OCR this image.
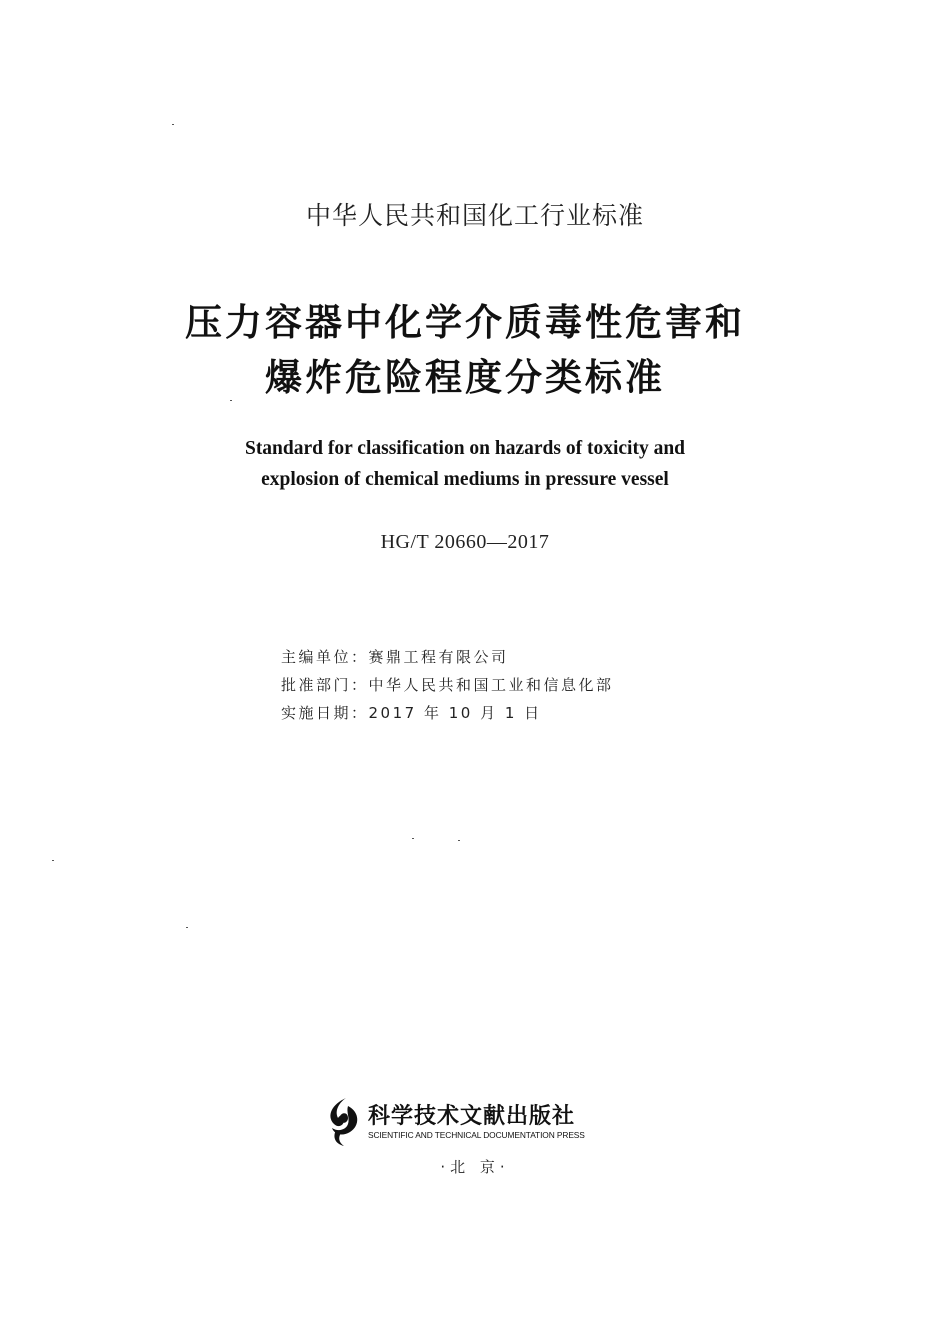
中华人民共和国化工行业标准
压力容器中化学介质毒性危害和
爆炸危险程度分类标准
Standard for classification on hazards of toxicity and
explosion of chemical mediums in pressure vessel
HG/T 20660—2017
主编单位：赛鼎工程有限公司
批准部门：中华人民共和国工业和信息化部
实施日期：2017 年 10 月 1 日
科学技术文献出版社
SCIENTIFIC AND TECHNICAL DOCUMENTATION PRESS
·北 京·
